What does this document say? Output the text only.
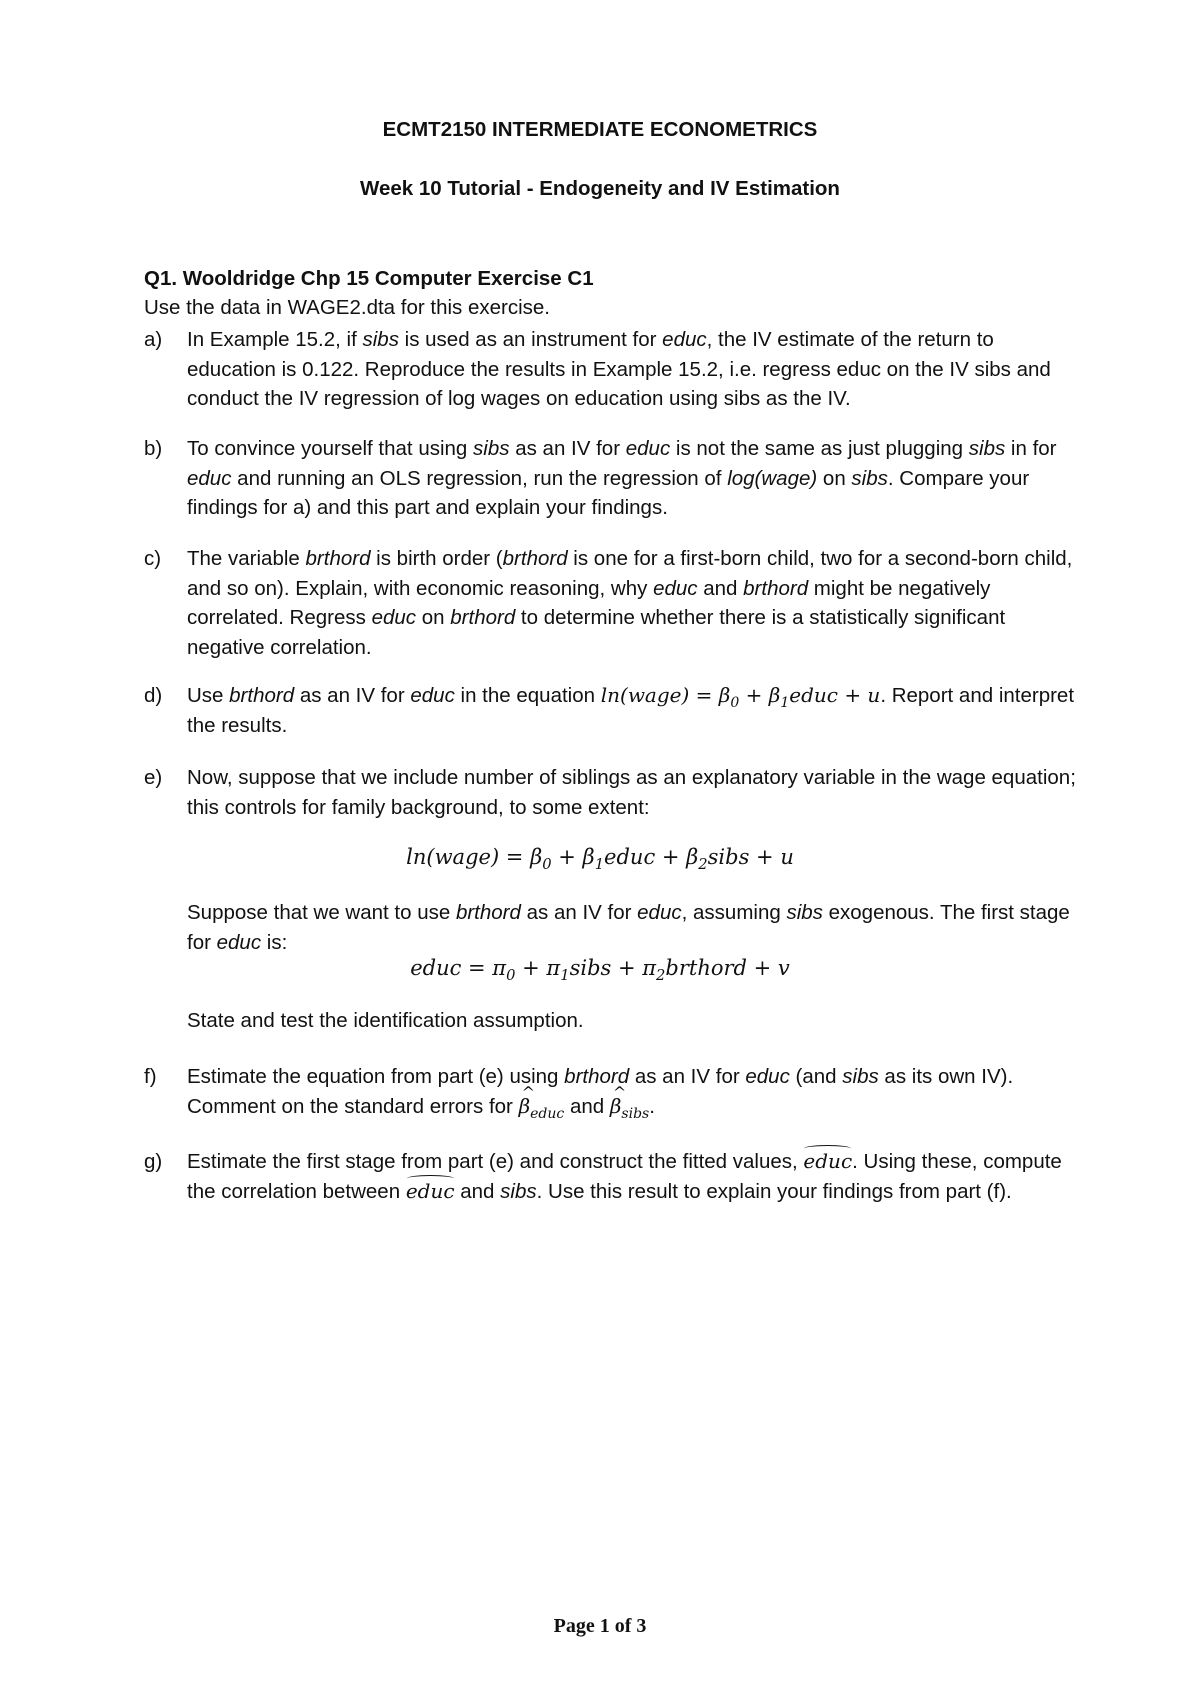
ECMT2150 INTERMEDIATE ECONOMETRICS
Week 10 Tutorial - Endogeneity and IV Estimation
Q1. Wooldridge Chp 15 Computer Exercise C1
Use the data in WAGE2.dta for this exercise.
a) In Example 15.2, if sibs is used as an instrument for educ, the IV estimate of the return to education is 0.122. Reproduce the results in Example 15.2, i.e. regress educ on the IV sibs and conduct the IV regression of log wages on education using sibs as the IV.
b) To convince yourself that using sibs as an IV for educ is not the same as just plugging sibs in for educ and running an OLS regression, run the regression of log(wage) on sibs. Compare your findings for a) and this part and explain your findings.
c) The variable brthord is birth order (brthord is one for a first-born child, two for a second-born child, and so on). Explain, with economic reasoning, why educ and brthord might be negatively correlated. Regress educ on brthord to determine whether there is a statistically significant negative correlation.
d) Use brthord as an IV for educ in the equation ln(wage) = $\beta_0$ + $\beta_1educ + u$. Report and interpret the results.
e) Now, suppose that we include number of siblings as an explanatory variable in the wage equation; this controls for family background, to some extent:
ln(wage) = $\beta_0$ + $\beta_1educ$ + $\beta_2sibs + u$
Suppose that we want to use brthord as an IV for educ, assuming sibs exogenous. The first stage for educ is:
educ = $\pi_0$ + $\pi_1sibs$ + $\pi_2brthord + v$
State and test the identification assumption.
f) Estimate the equation from part (e) using brthord as an IV for educ (and sibs as its own IV). Comment on the standard errors for ^ $\beta_{educ}$ and ^ $\beta_{sibs}$.
g) Estimate the first stage from part (e) and construct the fitted values, educ. Using these, compute the correlation between educ and sibs. Use this result to explain your findings from part (f).
Page 1 of 3
